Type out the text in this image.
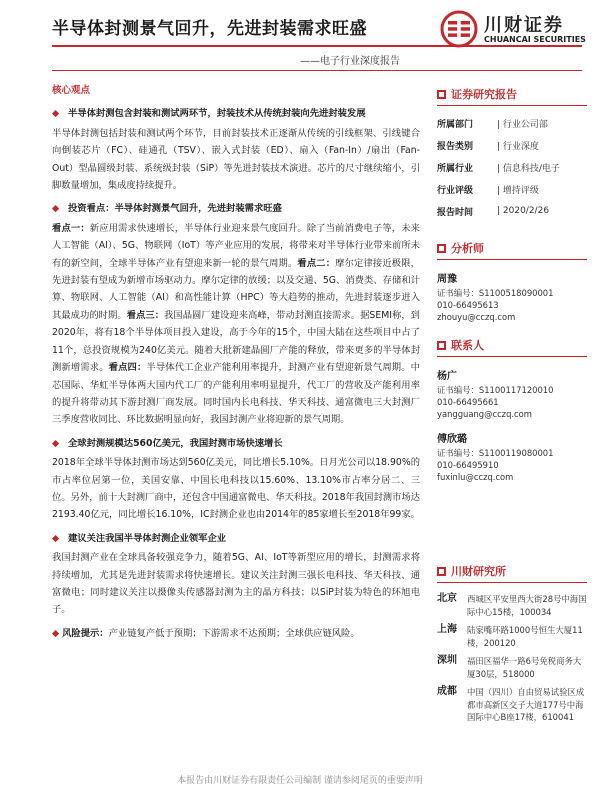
半导体封测景气回升，先进封装需求旺盛
——电子行业深度报告
川财证券
CHUANCAI SECURITIES
核心观点
◆ 半导体封测包含封装和测试两环节，封装技术从传统封装向先进封装发展
半导体封测包括封装和测试两个环节，目前封装技术正逐渐从传统的引线框架、引线键合向倒装芯片（FC）、硅通孔（TSV）、嵌入式封装（ED）、扇入（Fan-In）/扇出（Fan-Out）型晶圆级封装、系统级封装（SiP）等先进封装技术演进。芯片的尺寸继续缩小，引脚数量增加，集成度持续提升。
◆ 投资看点：半导体封测景气回升，先进封装需求旺盛
看点一：新应用需求快速增长，半导体行业迎来景气度回升。除了当前消费电子等，未来人工智能（AI）、5G、物联网（IoT）等产业应用的发展，将带来对半导体行业带来前所未有的新空间，全球半导体产业有望迎来新一轮的景气周期。看点二：摩尔定律接近极限，先进封装有望成为新增市场驱动力。摩尔定律的放缓；以及交通、5G、消费类、存储和计算、物联网、人工智能（AI）和高性能计算（HPC）等大趋势的推动，先进封装逐步进入其最成功的时期。看点三：我国晶圆厂建设迎来高峰，带动封测直接需求。据SEMI称，到2020年，将有18个半导体项目投入建设，高于今年的15个，中国大陆在这些项目中占了11个，总投资规模为240亿美元。随着大批新建晶圆厂产能的释放，带来更多的半导体封测新增需求。看点四：半导体代工企业产能利用率提升，封测产业有望迎新景气周期。中芯国际、华虹半导体两大国内代工厂的产能利用率明显提升，代工厂的营收及产能利用率的提升将带动其下游封测厂商发展。同时国内长电科技、华天科技、通富微电三大封测厂三季度营收同比、环比数据明显向好，我国封测产业将迎新的景气周期。
◆ 全球封测规模达560亿美元，我国封测市场快速增长
2018年全球半导体封测市场达到560亿美元，同比增长5.10%。日月光公司以18.90%的市占率位居第一位，美国安靠、中国长电科技以15.60%、13.10%市占率分居二、三位。另外，前十大封测厂商中，还包含中国通富微电、华天科技。2018年我国封测市场达2193.40亿元，同比增长16.10%，IC封测企业也由2014年的85家增长至2018年99家。
◆ 建议关注我国半导体封测企业领军企业
我国封测产业在全球具备较强竞争力，随着5G、AI、IoT等新型应用的增长，封测需求将持续增加，尤其是先进封装需求将快速增长。建议关注封测三强长电科技、华天科技、通富微电；同时建议关注以摄像头传感器封测为主的晶方科技；以SiP封装为特色的环旭电子。
◆ 风险提示：产业链复产低于预期；下游需求不达预期；全球供应链风险。
证券研究报告
所属部门	| 行业公司部
报告类别	| 行业深度
所属行业	| 信息科技/电子
行业评级	| 增持评级
报告时间	| 2020/2/26
分析师
周豫
证书编号：S1100518090001
010-66495613
zhouyu@cczq.com
联系人
杨广
证书编号：S1100117120010
010-66495661
yangguang@cczq.com
傅欣璐
证书编号：S1100119080001
010-66495910
fuxinlu@cczq.com
川财研究所
北京	西城区平安里西大街28号中海国际中心15楼，100034
上海	陆家嘴环路1000号恒生大厦11楼，200120
深圳	福田区福华一路6号免税商务大厦30层，518000
成都	中国（四川）自由贸易试验区成都市高新区交子大道177号中海国际中心B座17楼，610041
本报告由川财证券有限责任公司编制 谨请参阅尾页的重要声明
